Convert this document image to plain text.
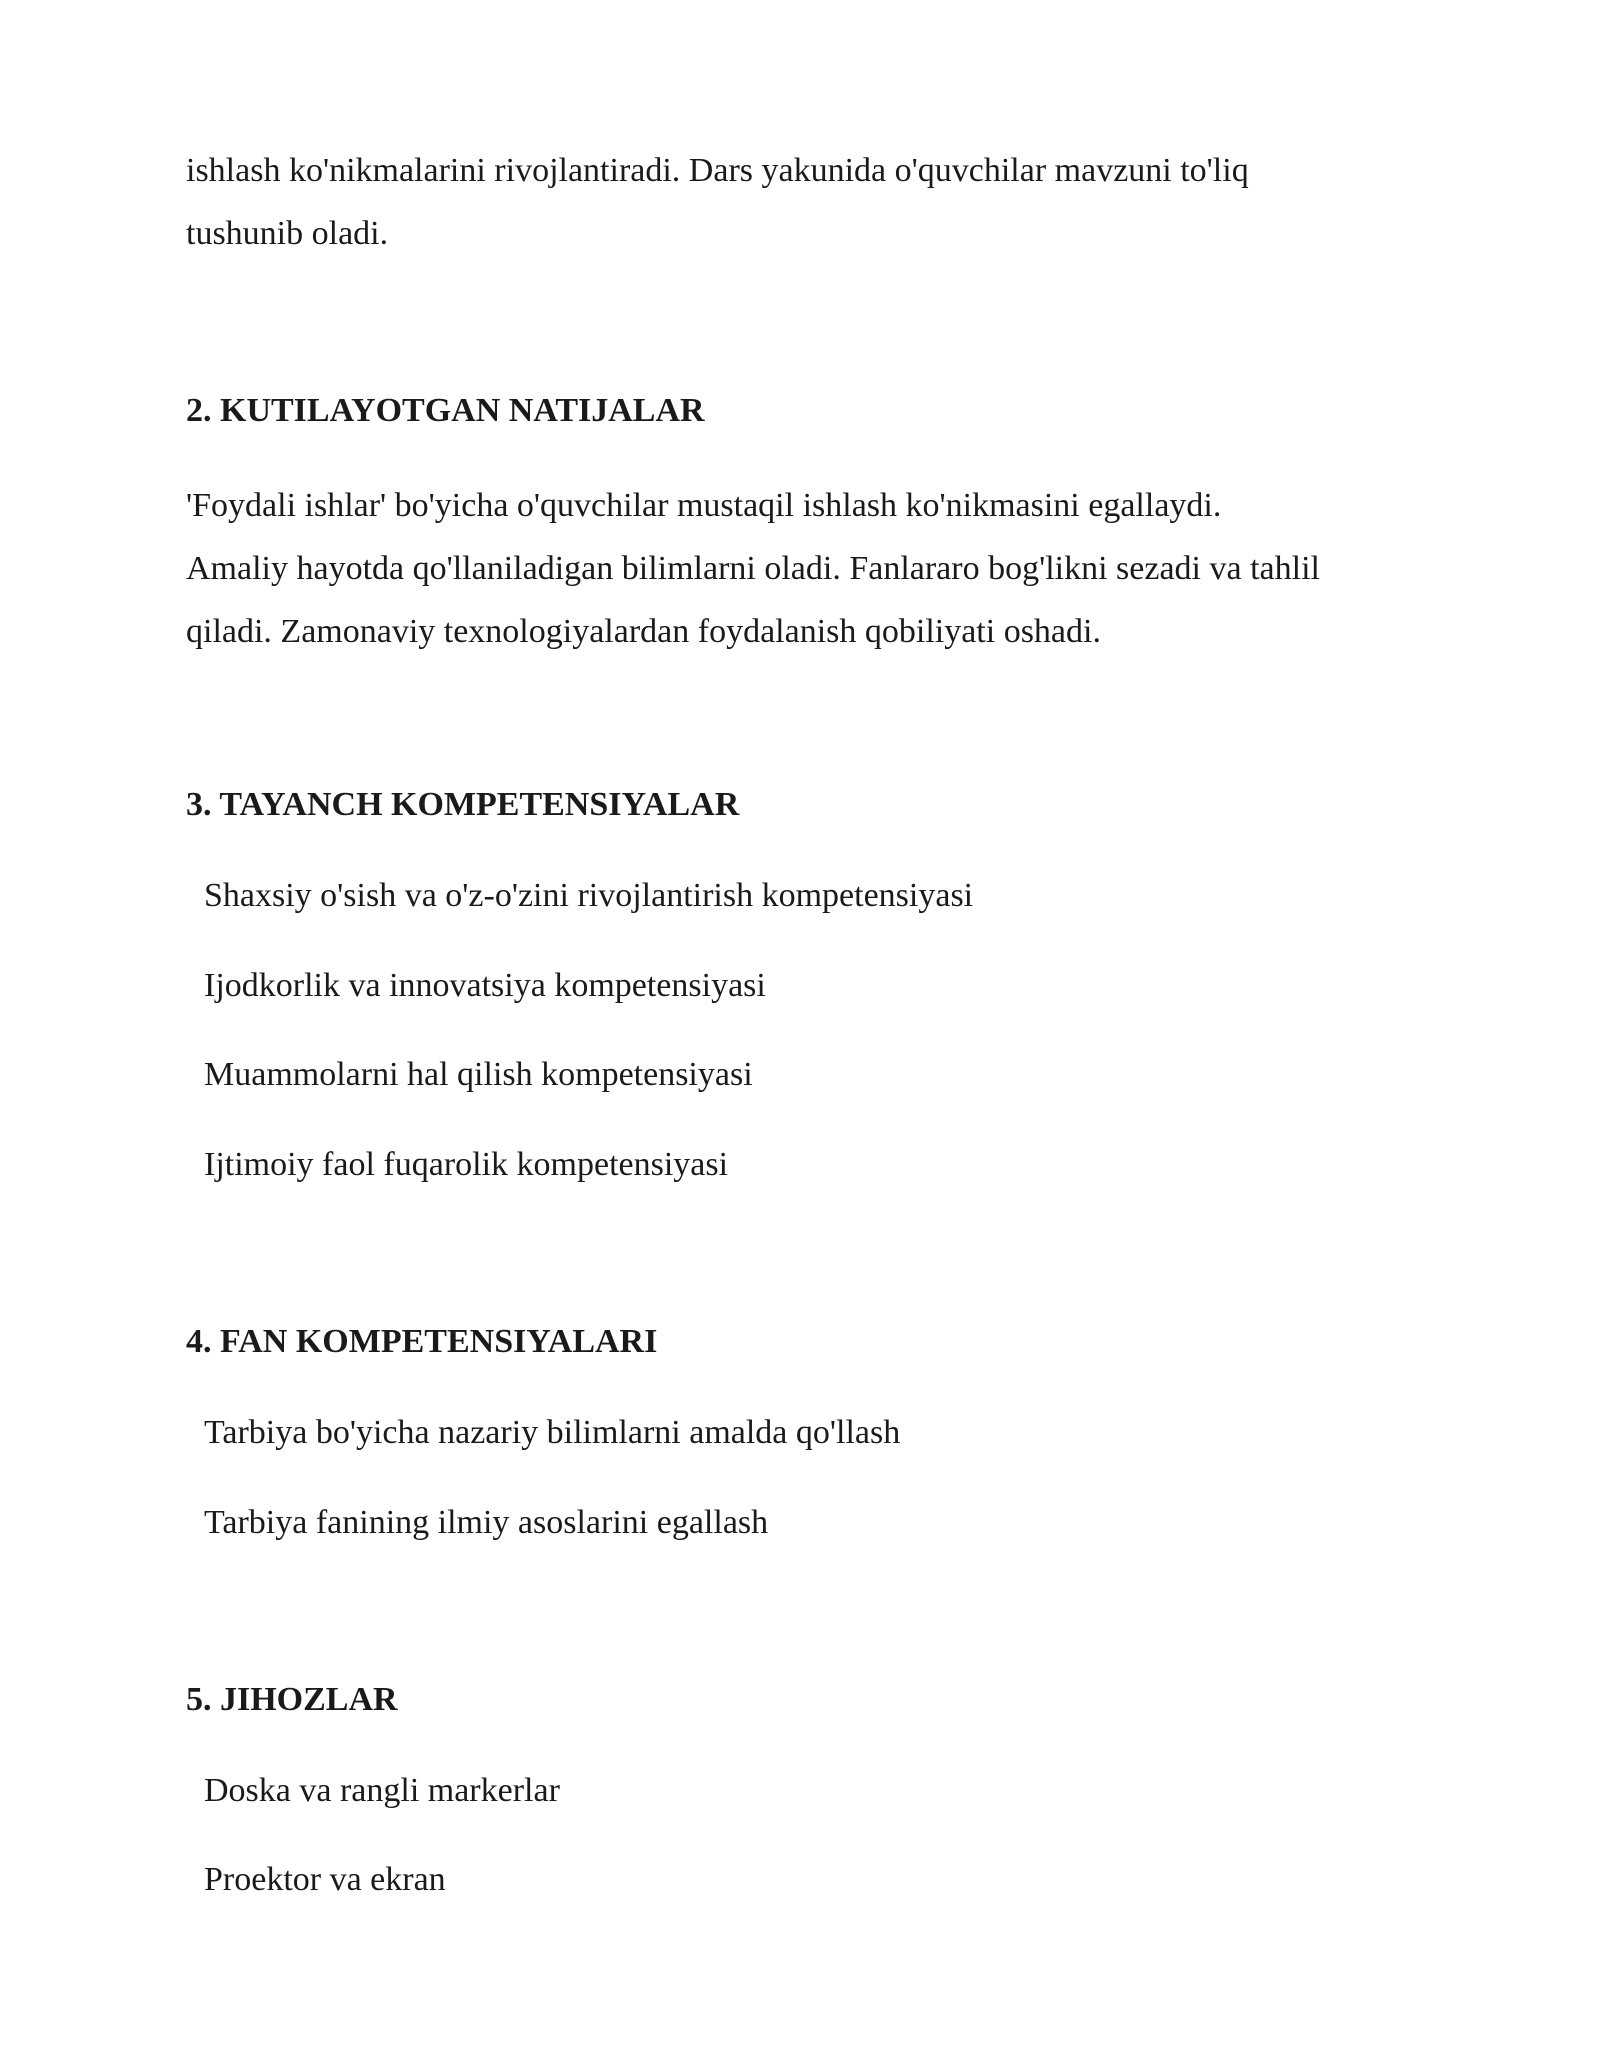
ishlash ko'nikmalarini rivojlantiradi. Dars yakunida o'quvchilar mavzuni to'liq

tushunib oladi.

2. KUTILAYOTGAN NATIJALAR

'Foydali ishlar' bo'yicha o'quvchilar mustaqil ishlash ko'nikmasini egallaydi.

Amaliy hayotda qo'llaniladigan bilimlarni oladi. Fanlararo bog'likni sezadi va tahlil

qiladi. Zamonaviy texnologiyalardan foydalanish qobiliyati oshadi.

3. TAYANCH KOMPETENSIYALAR

Shaxsiy o'sish va o'z-o'zini rivojlantirish kompetensiyasi

Ijodkorlik va innovatsiya kompetensiyasi

Muammolarni hal qilish kompetensiyasi

Ijtimoiy faol fuqarolik kompetensiyasi

4. FAN KOMPETENSIYALARI

Tarbiya bo'yicha nazariy bilimlarni amalda qo'llash

Tarbiya fanining ilmiy asoslarini egallash

5. JIHOZLAR

Doska va rangli markerlar

Proektor va ekran
